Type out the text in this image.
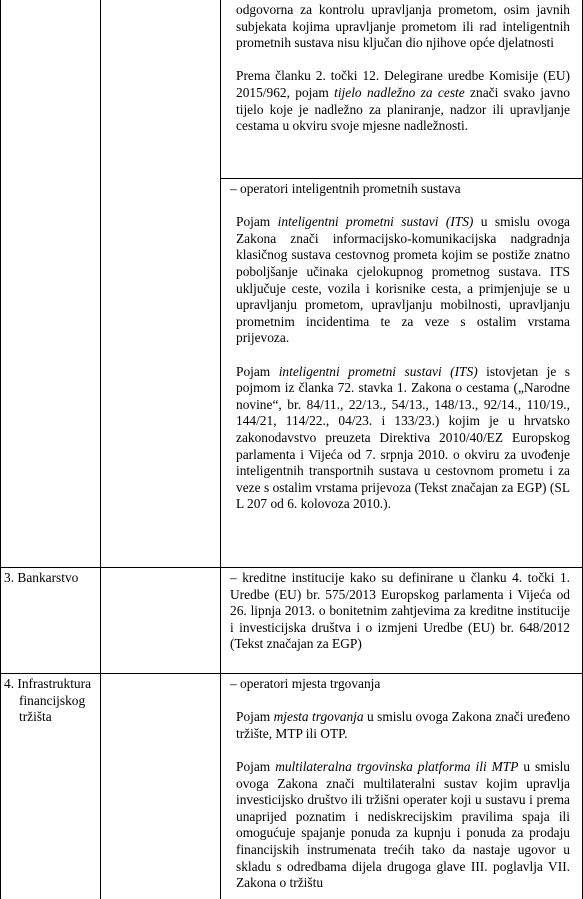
odgovorna za kontrolu upravljanja prometom, osim javnih subjekata kojima upravljanje prometom ili rad inteligentnih prometnih sustava nisu ključan dio njihove opće djelatnosti

Prema članku 2. točki 12. Delegirane uredbe Komisije (EU) 2015/962, pojam tijelo nadležno za ceste znači svako javno tijelo koje je nadležno za planiranje, nadzor ili upravljanje cestama u okviru svoje mjesne nadležnosti.

– operatori inteligentnih prometnih sustava

Pojam inteligentni prometni sustavi (ITS) u smislu ovoga Zakona znači informacijsko-komunikacijska nadgradnja klasičnog sustava cestovnog prometa kojim se postiže znatno poboljšanje učinaka cjelokupnog prometnog sustava. ITS uključuje ceste, vozila i korisnike cesta, a primjenjuje se u upravljanju prometom, upravljanju mobilnosti, upravljanju prometnim incidentima te za veze s ostalim vrstama prijevoza.

Pojam inteligentni prometni sustavi (ITS) istovjetan je s pojmom iz članka 72. stavka 1. Zakona o cestama („Narodne novine“, br. 84/11., 22/13., 54/13., 148/13., 92/14., 110/19., 144/21, 114/22., 04/23. i 133/23.) kojim je u hrvatsko zakonodavstvo preuzeta Direktiva 2010/40/EZ Europskog parlamenta i Vijeća od 7. srpnja 2010. o okviru za uvođenje inteligentnih transportnih sustava u cestovnom prometu i za veze s ostalim vrstama prijevoza (Tekst značajan za EGP) (SL L 207 od 6. kolovoza 2010.).

3. Bankarstvo	– kreditne institucije kako su definirane u članku 4. točki 1. Uredbe (EU) br. 575/2013 Europskog parlamenta i Vijeća od 26. lipnja 2013. o bonitetnim zahtjevima za kreditne institucije i investicijska društva i o izmjeni Uredbe (EU) br. 648/2012 (Tekst značajan za EGP)

4. Infrastruktura

financijskog

tržišta

– operatori mjesta trgovanja

Pojam mjesta trgovanja u smislu ovoga Zakona znači uređeno tržište, MTP ili OTP.

Pojam multilateralna trgovinska platforma ili MTP u smislu ovoga Zakona znači multilateralni sustav kojim upravlja investicijsko društvo ili tržišni operater koji u sustavu i prema unaprijed poznatim i nediskrecijskim pravilima spaja ili omogućuje spajanje ponuda za kupnju i ponuda za prodaju financijskih instrumenata trećih tako da nastaje ugovor u skladu s odredbama dijela drugoga glave III. poglavlja VII. Zakona o tržištu
